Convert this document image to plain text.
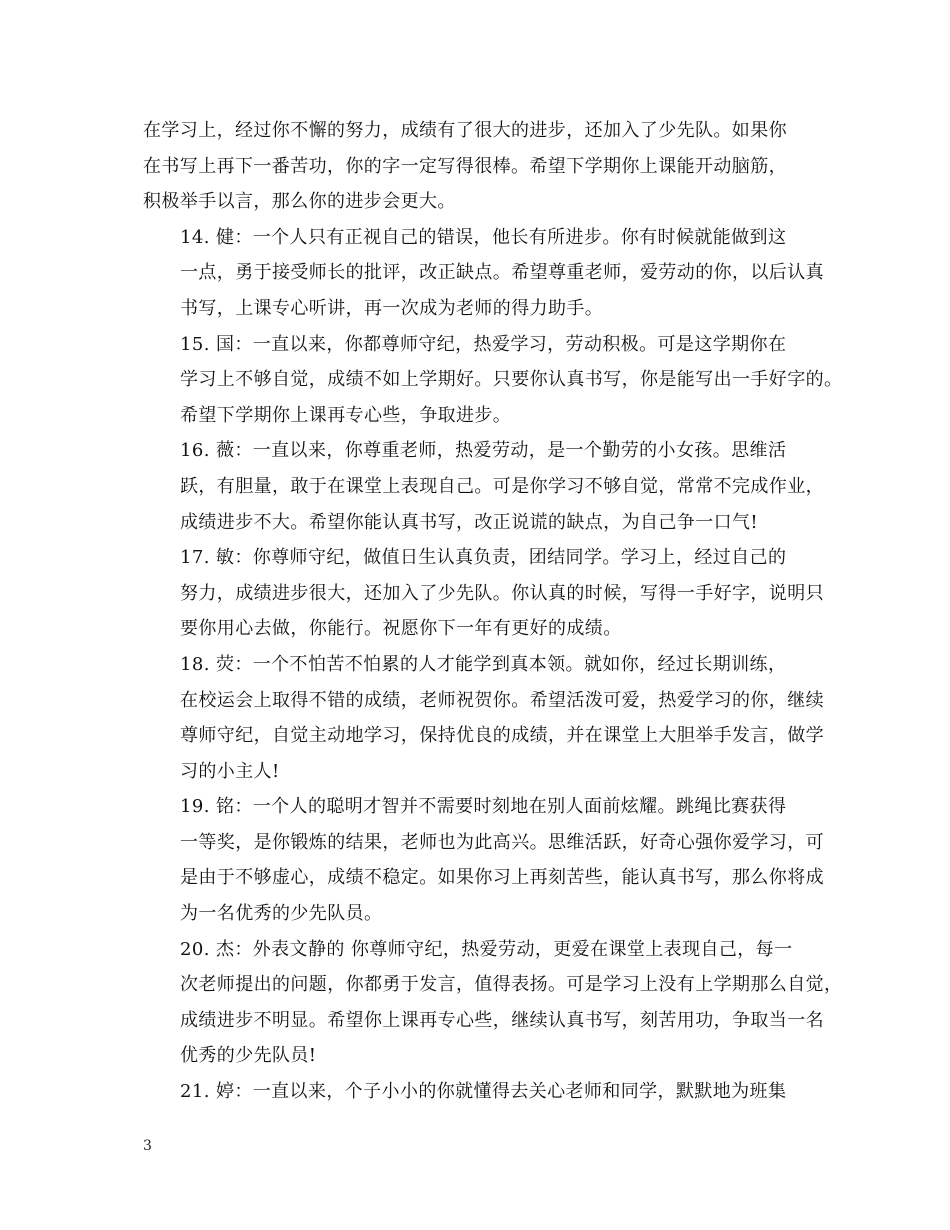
在学习上，经过你不懈的努力，成绩有了很大的进步，还加入了少先队。如果你
在书写上再下一番苦功，你的字一定写得很棒。希望下学期你上课能开动脑筋，
积极举手以言，那么你的进步会更大。

14. 健：一个人只有正视自己的错误，他长有所进步。你有时候就能做到这
一点，勇于接受师长的批评，改正缺点。希望尊重老师，爱劳动的你，以后认真
书写，上课专心听讲，再一次成为老师的得力助手。

15. 国：一直以来，你都尊师守纪，热爱学习，劳动积极。可是这学期你在
学习上不够自觉，成绩不如上学期好。只要你认真书写，你是能写出一手好字的。
希望下学期你上课再专心些，争取进步。

16. 薇：一直以来，你尊重老师，热爱劳动，是一个勤劳的小女孩。思维活
跃，有胆量，敢于在课堂上表现自己。可是你学习不够自觉，常常不完成作业，
成绩进步不大。希望你能认真书写，改正说谎的缺点，为自己争一口气!

17. 敏：你尊师守纪，做值日生认真负责，团结同学。学习上，经过自己的
努力，成绩进步很大，还加入了少先队。你认真的时候，写得一手好字，说明只
要你用心去做，你能行。祝愿你下一年有更好的成绩。

18. 荧：一个不怕苦不怕累的人才能学到真本领。就如你，经过长期训练，
在校运会上取得不错的成绩，老师祝贺你。希望活泼可爱，热爱学习的你，继续
尊师守纪，自觉主动地学习，保持优良的成绩，并在课堂上大胆举手发言，做学
习的小主人!

19. 铭：一个人的聪明才智并不需要时刻地在别人面前炫耀。跳绳比赛获得
一等奖，是你锻炼的结果，老师也为此高兴。思维活跃，好奇心强你爱学习，可
是由于不够虚心，成绩不稳定。如果你习上再刻苦些，能认真书写，那么你将成
为一名优秀的少先队员。

20. 杰：外表文静的 你尊师守纪，热爱劳动，更爱在课堂上表现自己，每一
次老师提出的问题，你都勇于发言，值得表扬。可是学习上没有上学期那么自觉，
成绩进步不明显。希望你上课再专心些，继续认真书写，刻苦用功，争取当一名
优秀的少先队员!

21. 婷：一直以来，个子小小的你就懂得去关心老师和同学，默默地为班集

3
